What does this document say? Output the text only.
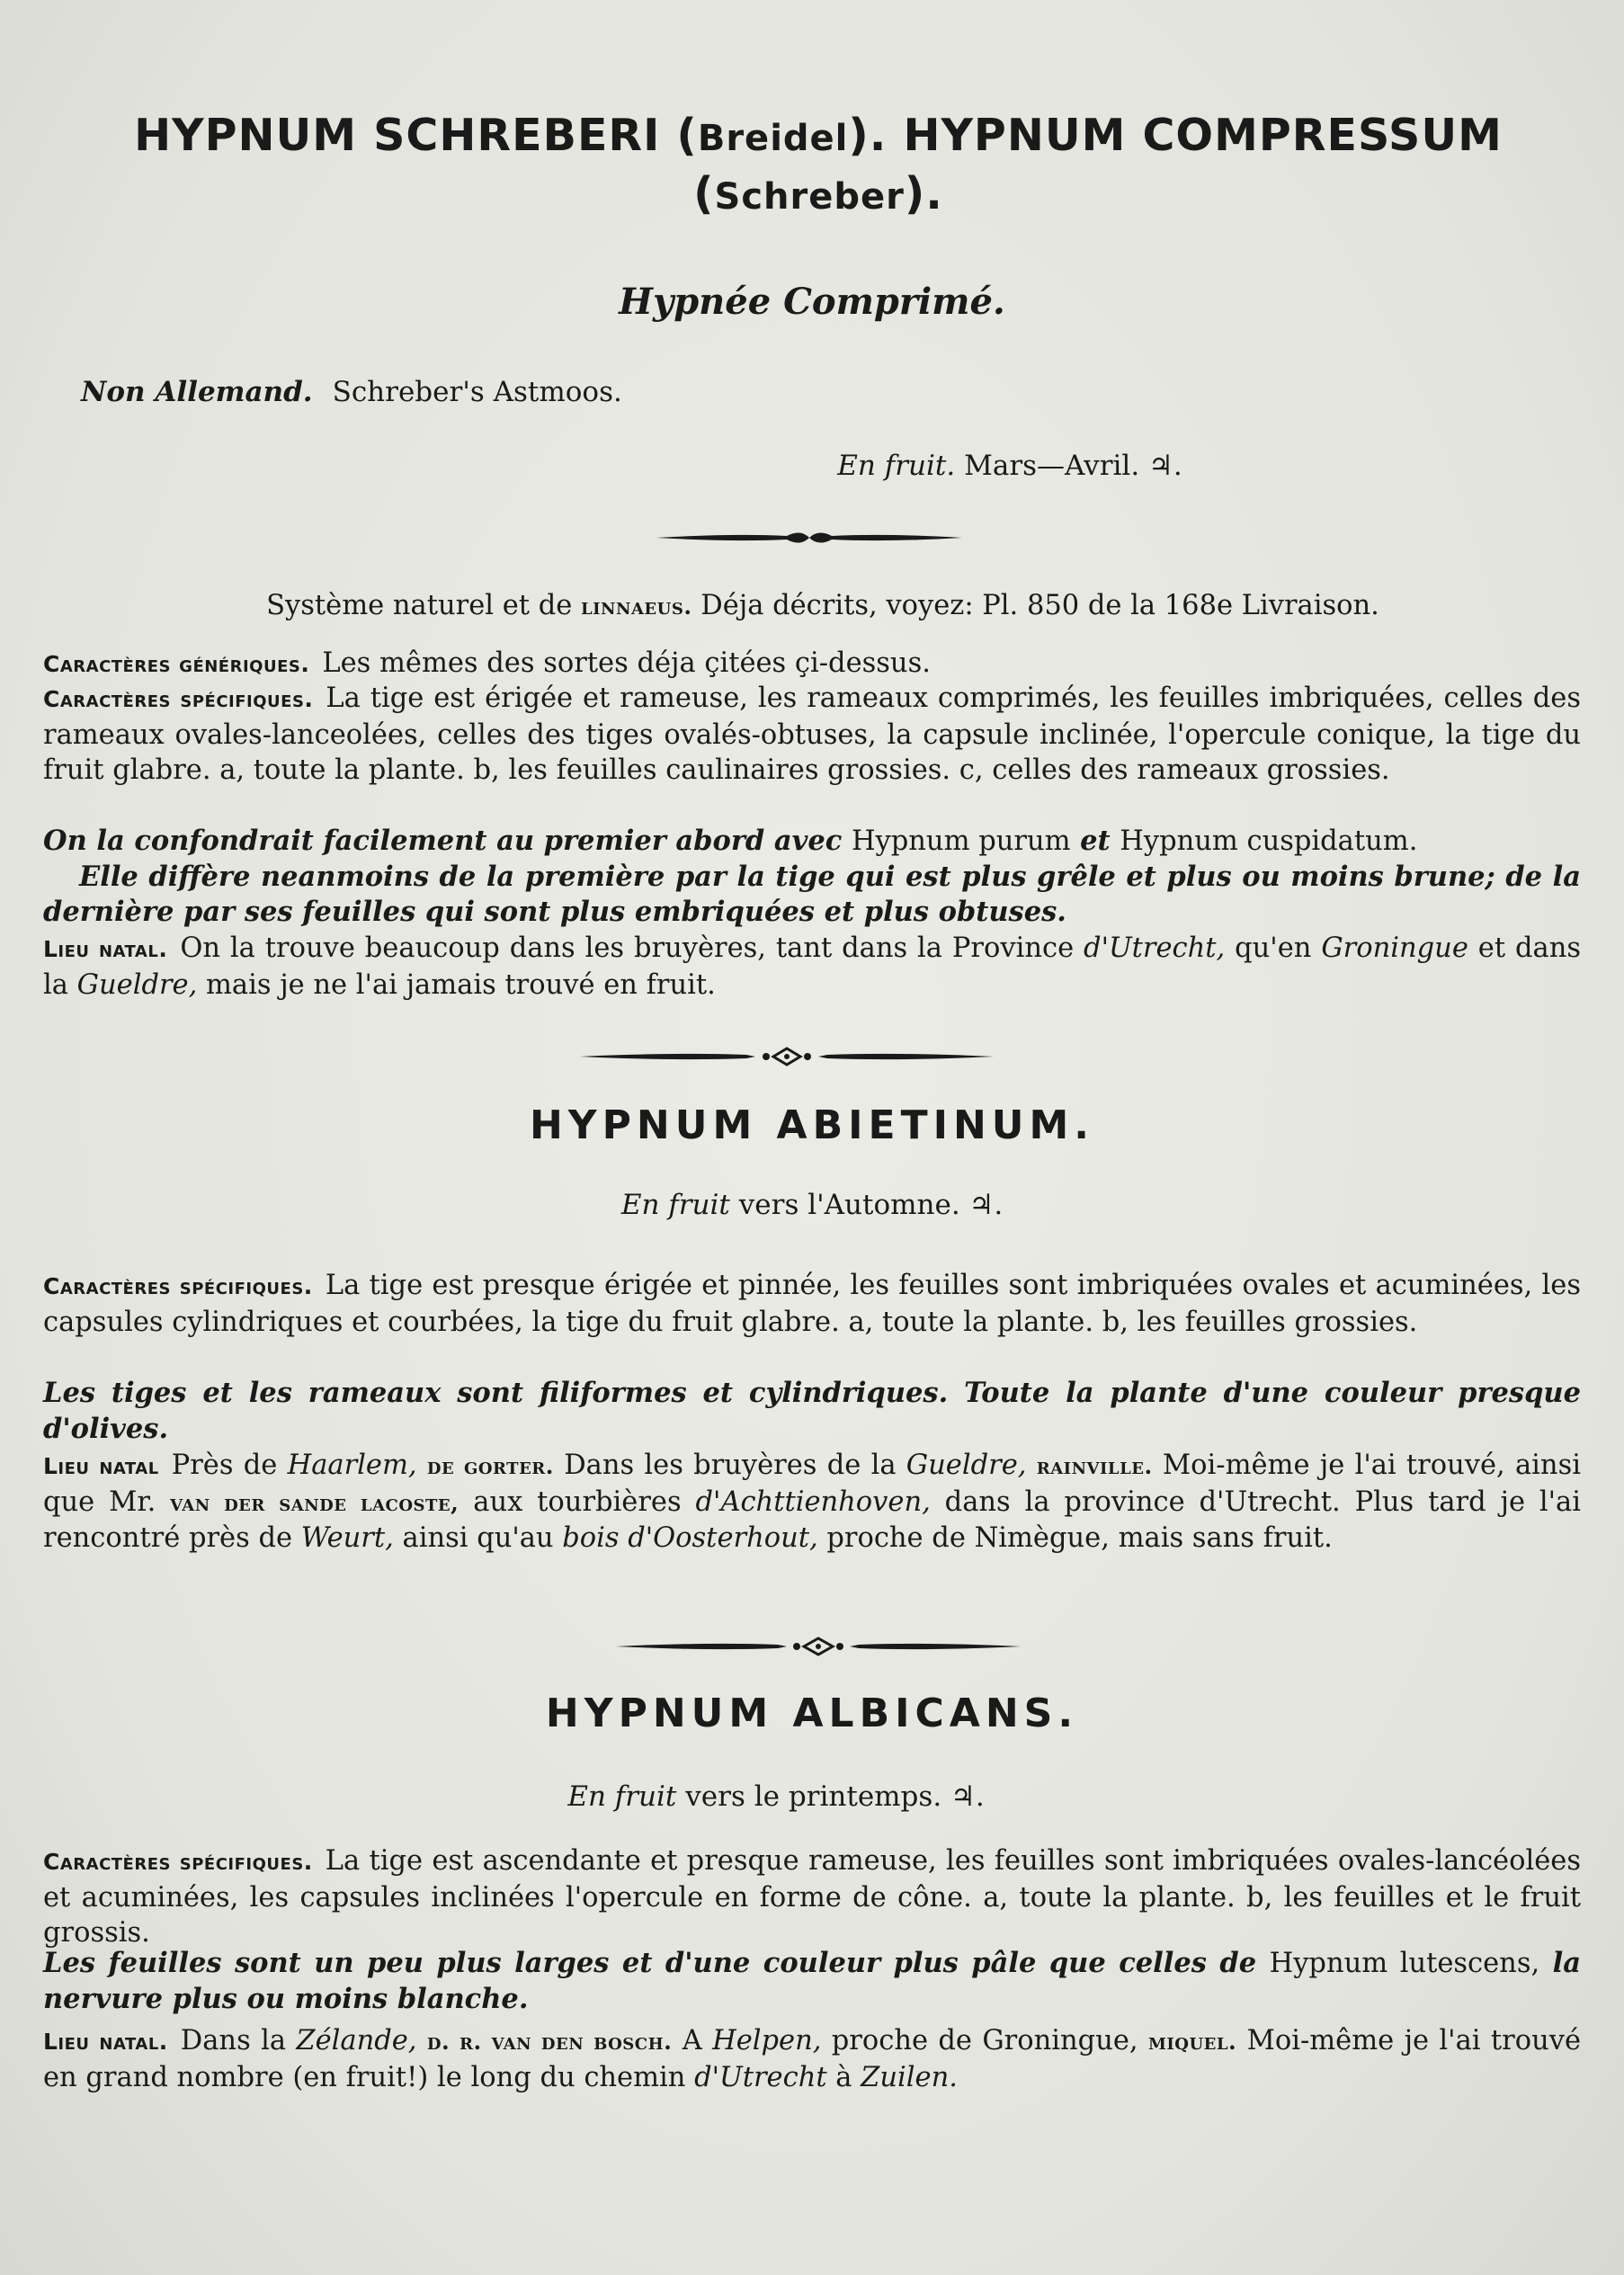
HYPNUM SCHREBERI (Breidel). HYPNUM COMPRESSUM (Schreber).
Hypnée Comprimé.
Non Allemand. Schreber's Astmoos.
En fruit. Mars—Avril. ♃.
Système naturel et de linnaeus. Déja décrits, voyez: Pl. 850 de la 168e Livraison.
Caractères génériques. Les mêmes des sortes déja çitées çi-dessus.
Caractères spécifiques. La tige est érigée et rameuse, les rameaux comprimés, les feuilles imbriquées, celles des rameaux ovales-lanceolées, celles des tiges ovalés-obtuses, la capsule inclinée, l'opercule conique, la tige du fruit glabre. a, toute la plante. b, les feuilles caulinaires grossies. c, celles des rameaux grossies.
On la confondrait facilement au premier abord avec Hypnum purum et Hypnum cuspidatum.
Elle diffère neanmoins de la première par la tige qui est plus grêle et plus ou moins brune; de la dernière par ses feuilles qui sont plus embriquées et plus obtuses.
Lieu natal. On la trouve beaucoup dans les bruyères, tant dans la Province d'Utrecht, qu'en Groningue et dans la Gueldre, mais je ne l'ai jamais trouvé en fruit.
HYPNUM ABIETINUM.
En fruit vers l'Automne. ♃.
Caractères spécifiques. La tige est presque érigée et pinnée, les feuilles sont imbriquées ovales et acuminées, les capsules cylindriques et courbées, la tige du fruit glabre. a, toute la plante. b, les feuilles grossies.
Les tiges et les rameaux sont filiformes et cylindriques. Toute la plante d'une couleur presque d'olives.
Lieu natal Près de Haarlem, de gorter. Dans les bruyères de la Gueldre, rainville. Moi-même je l'ai trouvé, ainsi que Mr. van der sande lacoste, aux tourbières d'Achttienhoven, dans la province d'Utrecht. Plus tard je l'ai rencontré près de Weurt, ainsi qu'au bois d'Oosterhout, proche de Nimègue, mais sans fruit.
HYPNUM ALBICANS.
En fruit vers le printemps. ♃.
Caractères spécifiques. La tige est ascendante et presque rameuse, les feuilles sont imbriquées ovales-lancéolées et acuminées, les capsules inclinées l'opercule en forme de cône. a, toute la plante. b, les feuilles et le fruit grossis.
Les feuilles sont un peu plus larges et d'une couleur plus pâle que celles de Hypnum lutescens, la nervure plus ou moins blanche.
Lieu natal. Dans la Zélande, d. r. van den bosch. A Helpen, proche de Groningue, miquel. Moi-même je l'ai trouvé en grand nombre (en fruit!) le long du chemin d'Utrecht à Zuilen.
